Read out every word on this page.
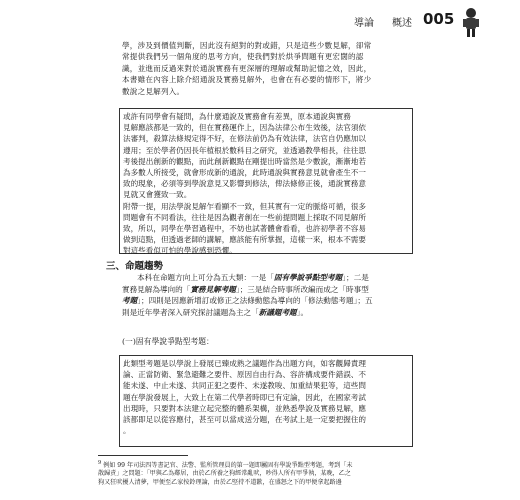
導論 概述 005
學，涉及到價值判斷，因此沒有絕對的對或錯，只是這些少數見解，卻常
常提供我們另一個角度的思考方向，使我們對於烘爭問題有更宏闊的認
識，並進而反過來對於通說實務有更深層的理解或幫助記憶之效，因此，
本書雖在內容上除介紹通說及實務見解外，也會在有必要的情形下，將少
數說之見解列入。
或許有同學會有疑問，為什麼通說及實務會有差異，原本通說與實務
見解應該都是一致的，但在實務運作上，因為法律公布生效後，法官須依
法審判，殺算法條規定得不好，在修法前仍為有效法律，法官自仍應加以
遵用；至於學者仍因長年植根於數科目之研究，並透過教學相長，往往思
考後提出創新的觀點，而此創新觀點在剛提出時當然是少數說，漸漸地若
為多數人所接受，就會形成新的通說，此時通說與實務意見就會產生不一
致的現象，必須等到學說意見又影響到修法，俾法條修正後，通說實務意
見就又會獲致一致。
附帶一提，用法學說見解乍看顯不一致，但其實有一定的脈絡可循，很多
問題會有不同看法，往往是因為觀者創在一些前提問題上採取不同見解所
致，所以，同學在學習過程中，不妨也試著體會看看，也許初學者不容易
做到這點，但透過老師的講解，應該能有所掌握，這樣一來，根本不需要
對這些看似可怕的學說感到恐懼。
三、命題趨勢
　　本科在命題方向上可分為五大類：一是「固有學說爭點型考題」；二是
實務見解為導向的「實務見解考題」；三是結合時事所改編而成之「時事型
考題」；四則是因應新增訂或修正之法條動態為導向的「修法動態考題」；五
則是近年學者深入研究探討議題為主之「新議題考題」。
(一)固有學說爭點型考題：
此類型考題是以學說上發展已臻成熟之議題作為出題方向，如客觀歸責理
論、正當防衛、緊急避難之要件、原因自由行為、容許構成要件錯誤、不
能未遂、中止未遂、共同正犯之要件、未遂教唆、加重結果犯等，這些問
題在學說發展上，大致上在第二代學者時即已有定論，因此，在國家考試
出現時，只要對本法建立起完整的體系架構，並熟悉學說及實務見解，應
該都即足以從容應付，甚至可以當成送分題，在考試上是一定要把握住的
。
$^9$ 例如 99 年司法四等書記官、法警、監所管理員的第一題即屬固有學說爭點型考題，考到「未
散歸責」之問題：「甲與乙為鄰居，由於乙所養之狗經常亂吠，吵得人所有甲爭執，某晚，乙之
狗又狂吠擾人清夢，甲便至乙家按鈴理論，由於乙堅持不道歉，在盛怒之下的甲便拿起路邊
